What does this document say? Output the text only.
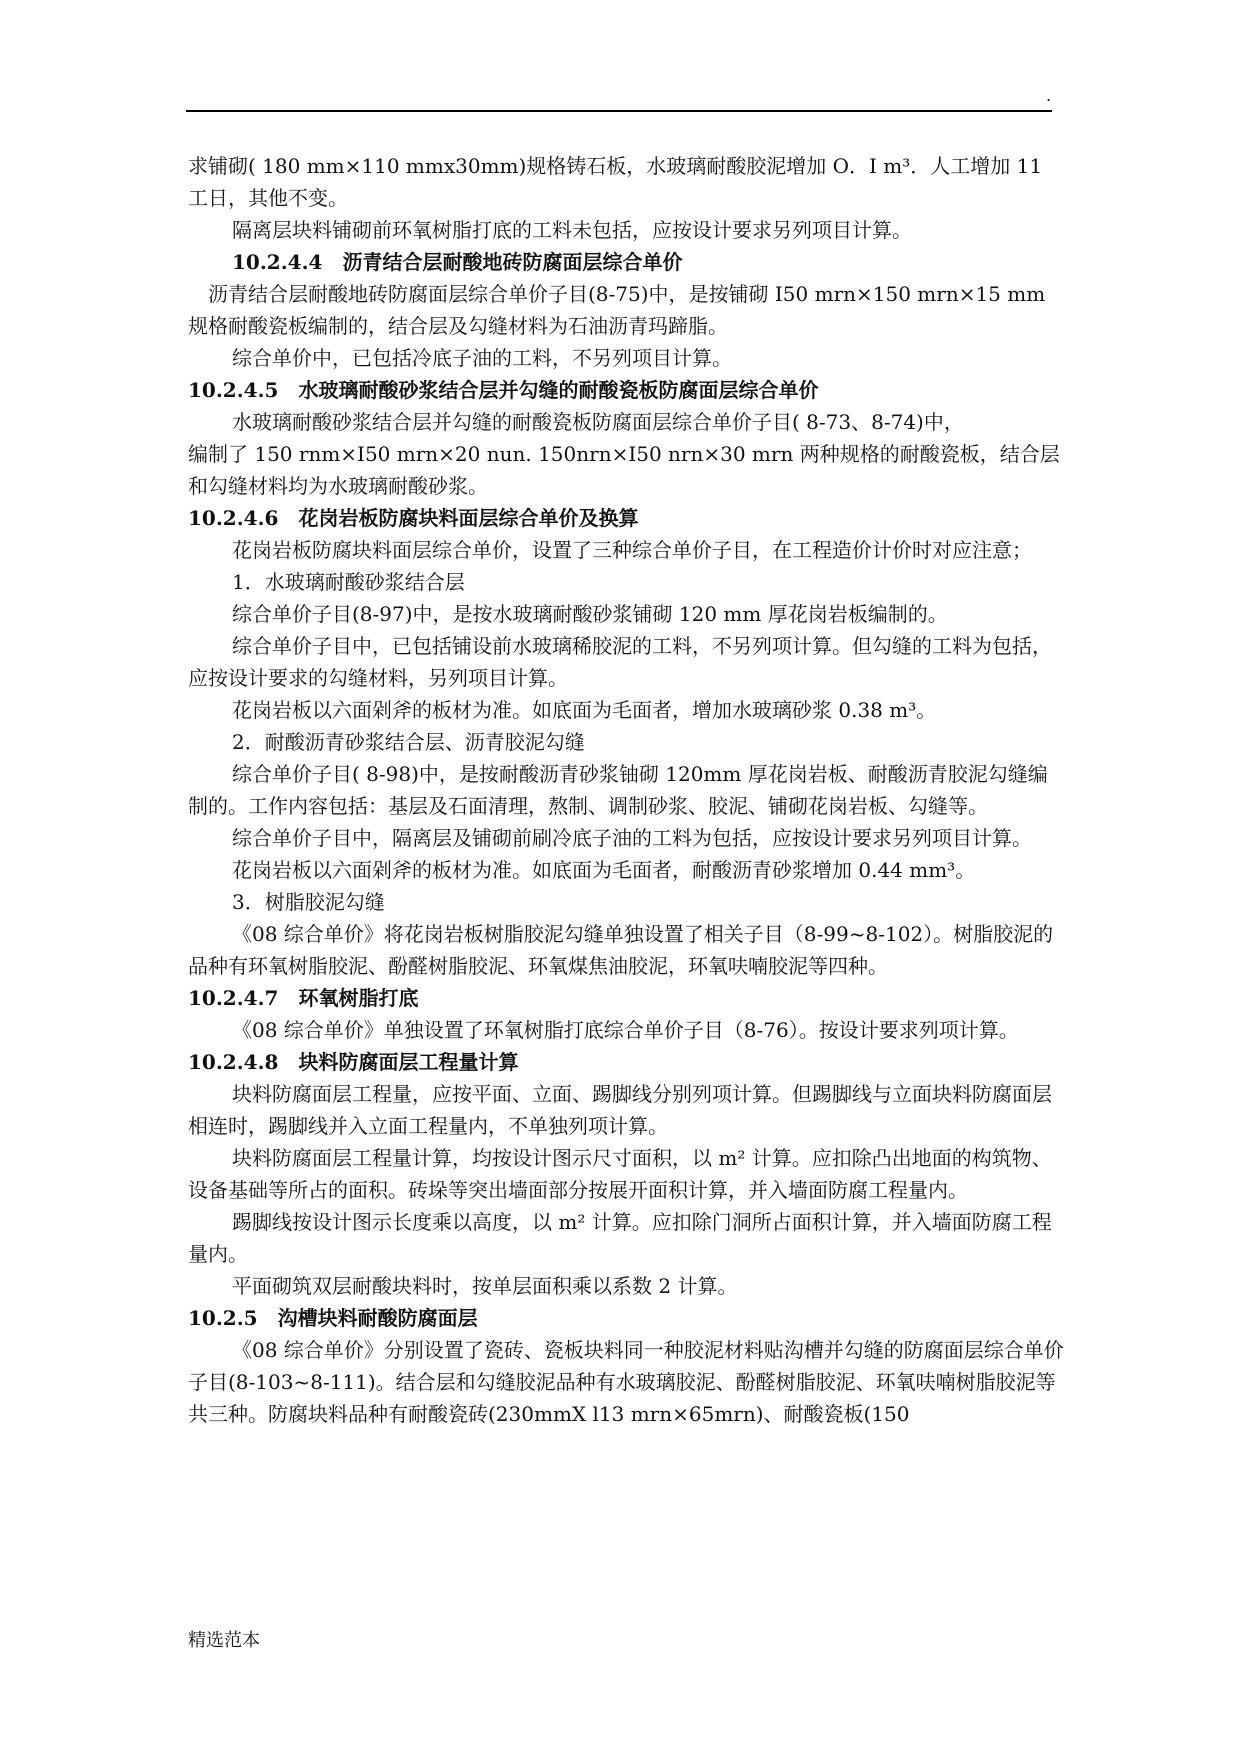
.

求铺砌( 180 mm×110 mmx30mm)规格铸石板，水玻璃耐酸胶泥增加 O．I m³．人工增加 11 工日，其他不变。

隔离层块料铺砌前环氧树脂打底的工料未包括，应按设计要求另列项目计算。

10.2.4.4　沥青结合层耐酸地砖防腐面层综合单价

沥青结合层耐酸地砖防腐面层综合单价子目(8-75)中，是按铺砌 I50 mrn×150 mrn×15 mm 规格耐酸瓷板编制的，结合层及勾缝材料为石油沥青玛蹄脂。

综合单价中，已包括冷底子油的工料，不另列项目计算。

10.2.4.5　水玻璃耐酸砂浆结合层并勾缝的耐酸瓷板防腐面层综合单价

水玻璃耐酸砂浆结合层并勾缝的耐酸瓷板防腐面层综合单价子目( 8-73、8-74)中，

编制了 150 rnm×I50 mrn×20 nun. 150nrn×I50 nrn×30 mrn 两种规格的耐酸瓷板，结合层和勾缝材料均为水玻璃耐酸砂浆。

10.2.4.6　花岗岩板防腐块料面层综合单价及换算

花岗岩板防腐块料面层综合单价，设置了三种综合单价子目，在工程造价计价时对应注意；

1．水玻璃耐酸砂浆结合层

综合单价子目(8-97)中，是按水玻璃耐酸砂浆铺砌 120 mm 厚花岗岩板编制的。

综合单价子目中，已包括铺设前水玻璃稀胶泥的工料，不另列项计算。但勾缝的工料为包括，应按设计要求的勾缝材料，另列项目计算。

花岗岩板以六面剁斧的板材为准。如底面为毛面者，增加水玻璃砂浆 0.38 m³。

2．耐酸沥青砂浆结合层、沥青胶泥勾缝

综合单价子目( 8-98)中，是按耐酸沥青砂浆铀砌 120mm 厚花岗岩板、耐酸沥青胶泥勾缝编制的。工作内容包括：基层及石面清理，熬制、调制砂浆、胶泥、铺砌花岗岩板、勾缝等。

综合单价子目中，隔离层及铺砌前刷冷底子油的工料为包括，应按设计要求另列项目计算。

花岗岩板以六面剁斧的板材为准。如底面为毛面者，耐酸沥青砂浆增加 0.44 mm³。

3．树脂胶泥勾缝

《08 综合单价》将花岗岩板树脂胶泥勾缝单独设置了相关子目（8-99~8-102）。树脂胶泥的品种有环氧树脂胶泥、酚醛树脂胶泥、环氧煤焦油胶泥，环氧呋喃胶泥等四种。

10.2.4.7　环氧树脂打底

《08 综合单价》单独设置了环氧树脂打底综合单价子目（8-76）。按设计要求列项计算。

10.2.4.8　块料防腐面层工程量计算

块料防腐面层工程量，应按平面、立面、踢脚线分别列项计算。但踢脚线与立面块料防腐面层相连时，踢脚线并入立面工程量内，不单独列项计算。

块料防腐面层工程量计算，均按设计图示尺寸面积，以 m² 计算。应扣除凸出地面的构筑物、设备基础等所占的面积。砖垛等突出墙面部分按展开面积计算，并入墙面防腐工程量内。

踢脚线按设计图示长度乘以高度，以 m² 计算。应扣除门洞所占面积计算，并入墙面防腐工程量内。

平面砌筑双层耐酸块料时，按单层面积乘以系数 2 计算。

10.2.5　沟槽块料耐酸防腐面层

《08 综合单价》分别设置了瓷砖、瓷板块料同一种胶泥材料贴沟槽并勾缝的防腐面层综合单价子目(8-103~8-111)。结合层和勾缝胶泥品种有水玻璃胶泥、酚醛树脂胶泥、环氧呋喃树脂胶泥等共三种。防腐块料品种有耐酸瓷砖(230mmX l13 mrn×65mrn)、耐酸瓷板(150

精选范本
